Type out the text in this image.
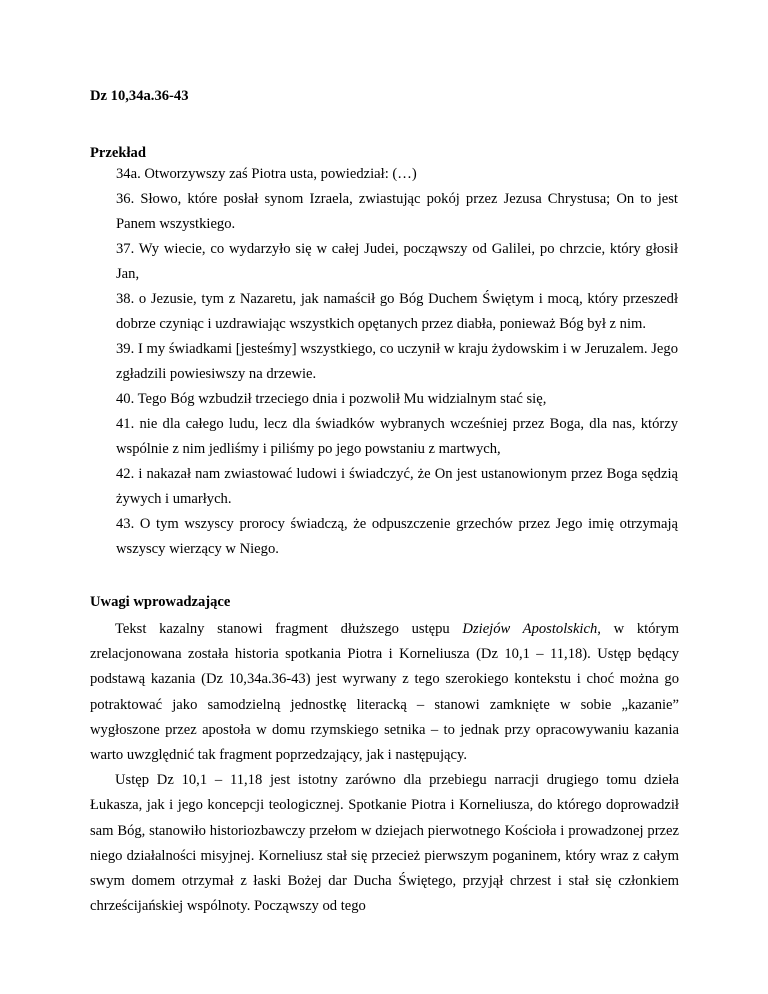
Dz 10,34a.36-43

Przekład

34a. Otworzywszy zaś Piotra usta, powiedział: (…)

36. Słowo, które posłał synom Izraela, zwiastując pokój przez Jezusa Chrystusa; On to jest Panem wszystkiego.

37. Wy wiecie, co wydarzyło się w całej Judei, począwszy od Galilei, po chrzcie, który głosił Jan,

38. o Jezusie, tym z Nazaretu, jak namaścił go Bóg Duchem Świętym i mocą, który przeszedł dobrze czyniąc i uzdrawiając wszystkich opętanych przez diabła, ponieważ Bóg był z nim.

39. I my świadkami [jesteśmy] wszystkiego, co uczynił w kraju żydowskim i w Jeruzalem. Jego zgładzili powiesiwszy na drzewie.

40. Tego Bóg wzbudził trzeciego dnia i pozwolił Mu widzialnym stać się,

41. nie dla całego ludu, lecz dla świadków wybranych wcześniej przez Boga, dla nas, którzy wspólnie z nim jedliśmy i piliśmy po jego powstaniu z martwych,

42. i nakazał nam zwiastować ludowi i świadczyć, że On jest ustanowionym przez Boga sędzią żywych i umarłych.

43. O tym wszyscy prorocy świadczą, że odpuszczenie grzechów przez Jego imię otrzymają wszyscy wierzący w Niego.

Uwagi wprowadzające

Tekst kazalny stanowi fragment dłuższego ustępu Dziejów Apostolskich, w którym zrelacjonowana została historia spotkania Piotra i Korneliusza (Dz 10,1 – 11,18). Ustęp będący podstawą kazania (Dz 10,34a.36-43) jest wyrwany z tego szerokiego kontekstu i choć można go potraktować jako samodzielną jednostkę literacką – stanowi zamknięte w sobie „kazanie” wygłoszone przez apostoła w domu rzymskiego setnika – to jednak przy opracowywaniu kazania warto uwzględnić tak fragment poprzedzający, jak i następujący.

Ustęp Dz 10,1 – 11,18 jest istotny zarówno dla przebiegu narracji drugiego tomu dzieła Łukasza, jak i jego koncepcji teologicznej. Spotkanie Piotra i Korneliusza, do którego doprowadził sam Bóg, stanowiło historiozbawczy przełom w dziejach pierwotnego Kościoła i prowadzonej przez niego działalności misyjnej. Korneliusz stał się przecież pierwszym poganinem, który wraz z całym swym domem otrzymał z łaski Bożej dar Ducha Świętego, przyjął chrzest i stał się członkiem chrześcijańskiej wspólnoty. Począwszy od tego
